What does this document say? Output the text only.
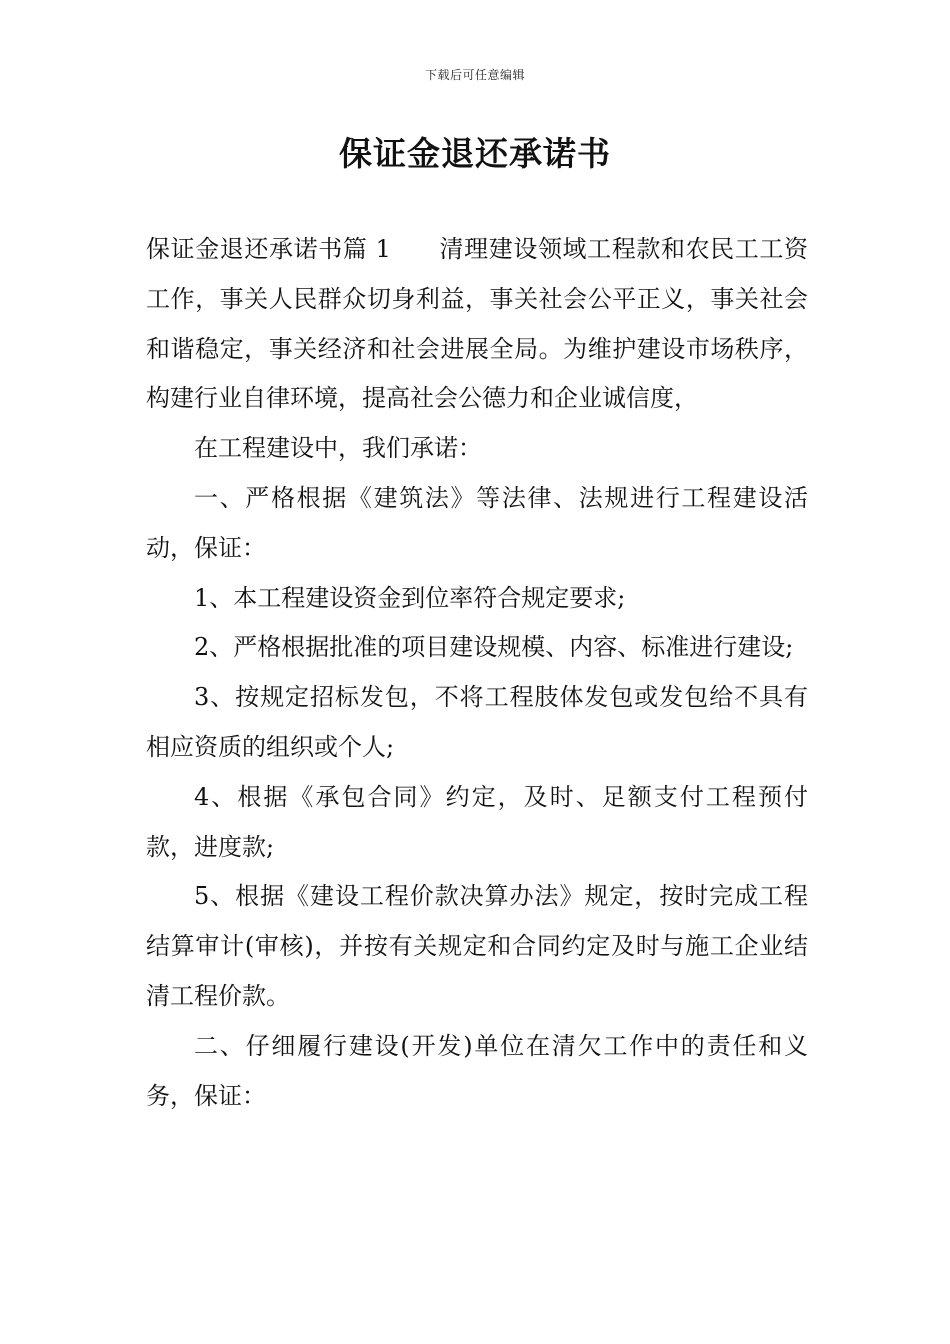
下载后可任意编辑
保证金退还承诺书

保证金退还承诺书篇 1 清理建设领域工程款和农民工工资工作，事关人民群众切身利益，事关社会公平正义，事关社会和谐稳定，事关经济和社会进展全局。为维护建设市场秩序，构建行业自律环境，提高社会公德力和企业诚信度，

在工程建设中，我们承诺：

一、严格根据《建筑法》等法律、法规进行工程建设活动，保证：

1、本工程建设资金到位率符合规定要求;

2、严格根据批准的项目建设规模、内容、标准进行建设;

3、按规定招标发包，不将工程肢体发包或发包给不具有相应资质的组织或个人;

4、根据《承包合同》约定，及时、足额支付工程预付款，进度款;

5、根据《建设工程价款决算办法》规定，按时完成工程结算审计(审核)，并按有关规定和合同约定及时与施工企业结清工程价款。

二、仔细履行建设(开发)单位在清欠工作中的责任和义务，保证：
